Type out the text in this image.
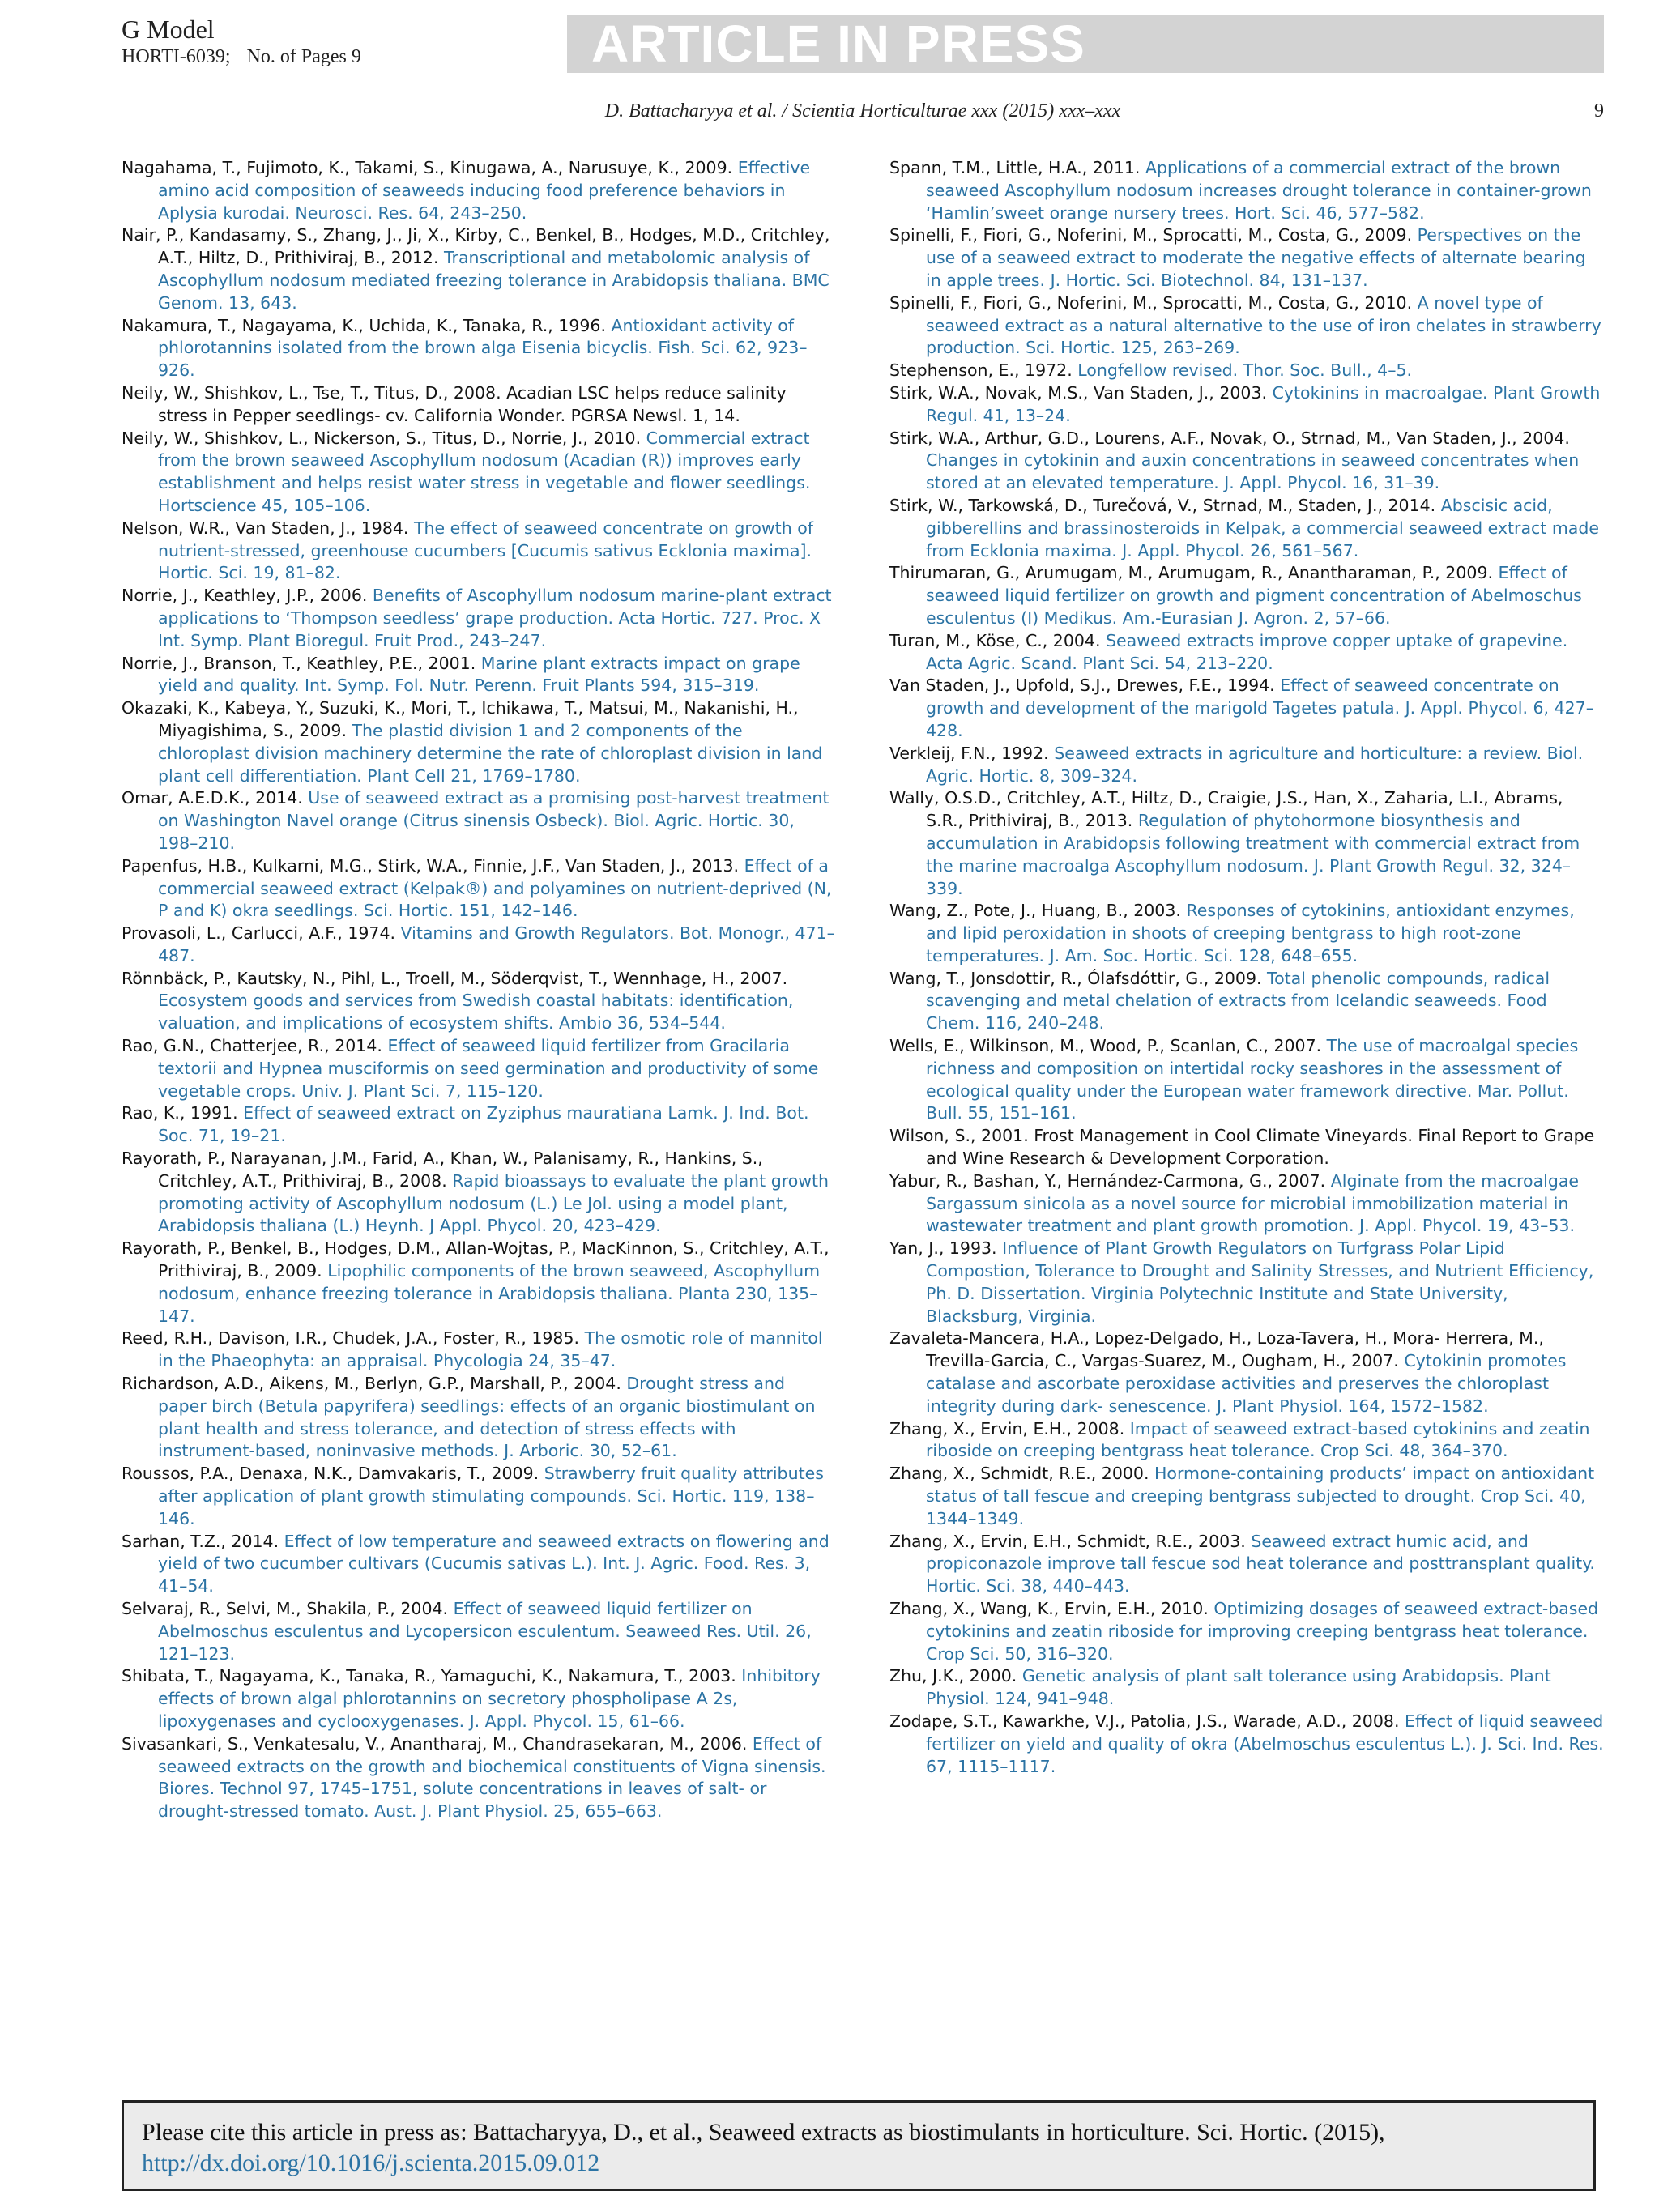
G Model
HORTI-6039; No. of Pages 9	ARTICLE IN PRESS
D. Battacharyya et al. / Scientia Horticulturae xxx (2015) xxx–xxx	9

Nagahama, T., Fujimoto, K., Takami, S., Kinugawa, A., Narusuye, K., 2009. Effective amino acid composition of seaweeds inducing food preference behaviors in Aplysia kurodai. Neurosci. Res. 64, 243–250.

Nair, P., Kandasamy, S., Zhang, J., Ji, X., Kirby, C., Benkel, B., Hodges, M.D., Critchley, A.T., Hiltz, D., Prithiviraj, B., 2012. Transcriptional and metabolomic analysis of Ascophyllum nodosum mediated freezing tolerance in Arabidopsis thaliana. BMC Genom. 13, 643.

Nakamura, T., Nagayama, K., Uchida, K., Tanaka, R., 1996. Antioxidant activity of phlorotannins isolated from the brown alga Eisenia bicyclis. Fish. Sci. 62, 923–926.

Neily, W., Shishkov, L., Tse, T., Titus, D., 2008. Acadian LSC helps reduce salinity stress in Pepper seedlings- cv. California Wonder. PGRSA Newsl. 1, 14.

Neily, W., Shishkov, L., Nickerson, S., Titus, D., Norrie, J., 2010. Commercial extract from the brown seaweed Ascophyllum nodosum (Acadian (R)) improves early establishment and helps resist water stress in vegetable and flower seedlings. Hortscience 45, 105–106.

Nelson, W.R., Van Staden, J., 1984. The effect of seaweed concentrate on growth of nutrient-stressed, greenhouse cucumbers [Cucumis sativus Ecklonia maxima]. Hortic. Sci. 19, 81–82.

Norrie, J., Keathley, J.P., 2006. Benefits of Ascophyllum nodosum marine-plant extract applications to ‘Thompson seedless’ grape production. Acta Hortic. 727. Proc. X Int. Symp. Plant Bioregul. Fruit Prod., 243–247.

Norrie, J., Branson, T., Keathley, P.E., 2001. Marine plant extracts impact on grape yield and quality. Int. Symp. Fol. Nutr. Perenn. Fruit Plants 594, 315–319.

Okazaki, K., Kabeya, Y., Suzuki, K., Mori, T., Ichikawa, T., Matsui, M., Nakanishi, H., Miyagishima, S., 2009. The plastid division 1 and 2 components of the chloroplast division machinery determine the rate of chloroplast division in land plant cell differentiation. Plant Cell 21, 1769–1780.

Omar, A.E.D.K., 2014. Use of seaweed extract as a promising post-harvest treatment on Washington Navel orange (Citrus sinensis Osbeck). Biol. Agric. Hortic. 30, 198–210.

Papenfus, H.B., Kulkarni, M.G., Stirk, W.A., Finnie, J.F., Van Staden, J., 2013. Effect of a commercial seaweed extract (Kelpak®) and polyamines on nutrient-deprived (N, P and K) okra seedlings. Sci. Hortic. 151, 142–146.

Provasoli, L., Carlucci, A.F., 1974. Vitamins and Growth Regulators. Bot. Monogr., 471–487.

Rönnbäck, P., Kautsky, N., Pihl, L., Troell, M., Söderqvist, T., Wennhage, H., 2007. Ecosystem goods and services from Swedish coastal habitats: identification, valuation, and implications of ecosystem shifts. Ambio 36, 534–544.

Rao, G.N., Chatterjee, R., 2014. Effect of seaweed liquid fertilizer from Gracilaria textorii and Hypnea musciformis on seed germination and productivity of some vegetable crops. Univ. J. Plant Sci. 7, 115–120.

Rao, K., 1991. Effect of seaweed extract on Zyziphus mauratiana Lamk. J. Ind. Bot. Soc. 71, 19–21.

Rayorath, P., Narayanan, J.M., Farid, A., Khan, W., Palanisamy, R., Hankins, S., Critchley, A.T., Prithiviraj, B., 2008. Rapid bioassays to evaluate the plant growth promoting activity of Ascophyllum nodosum (L.) Le Jol. using a model plant, Arabidopsis thaliana (L.) Heynh. J Appl. Phycol. 20, 423–429.

Rayorath, P., Benkel, B., Hodges, D.M., Allan-Wojtas, P., MacKinnon, S., Critchley, A.T., Prithiviraj, B., 2009. Lipophilic components of the brown seaweed, Ascophyllum nodosum, enhance freezing tolerance in Arabidopsis thaliana. Planta 230, 135–147.

Reed, R.H., Davison, I.R., Chudek, J.A., Foster, R., 1985. The osmotic role of mannitol in the Phaeophyta: an appraisal. Phycologia 24, 35–47.

Richardson, A.D., Aikens, M., Berlyn, G.P., Marshall, P., 2004. Drought stress and paper birch (Betula papyrifera) seedlings: effects of an organic biostimulant on plant health and stress tolerance, and detection of stress effects with instrument-based, noninvasive methods. J. Arboric. 30, 52–61.

Roussos, P.A., Denaxa, N.K., Damvakaris, T., 2009. Strawberry fruit quality attributes after application of plant growth stimulating compounds. Sci. Hortic. 119, 138–146.

Sarhan, T.Z., 2014. Effect of low temperature and seaweed extracts on flowering and yield of two cucumber cultivars (Cucumis sativas L.). Int. J. Agric. Food. Res. 3, 41–54.

Selvaraj, R., Selvi, M., Shakila, P., 2004. Effect of seaweed liquid fertilizer on Abelmoschus esculentus and Lycopersicon esculentum. Seaweed Res. Util. 26, 121–123.

Shibata, T., Nagayama, K., Tanaka, R., Yamaguchi, K., Nakamura, T., 2003. Inhibitory effects of brown algal phlorotannins on secretory phospholipase A 2s, lipoxygenases and cyclooxygenases. J. Appl. Phycol. 15, 61–66.

Sivasankari, S., Venkatesalu, V., Anantharaj, M., Chandrasekaran, M., 2006. Effect of seaweed extracts on the growth and biochemical constituents of Vigna sinensis. Biores. Technol 97, 1745–1751, solute concentrations in leaves of salt- or drought-stressed tomato. Aust. J. Plant Physiol. 25, 655–663.

Spann, T.M., Little, H.A., 2011. Applications of a commercial extract of the brown seaweed Ascophyllum nodosum increases drought tolerance in container-grown ‘Hamlin’sweet orange nursery trees. Hort. Sci. 46, 577–582.

Spinelli, F., Fiori, G., Noferini, M., Sprocatti, M., Costa, G., 2009. Perspectives on the use of a seaweed extract to moderate the negative effects of alternate bearing in apple trees. J. Hortic. Sci. Biotechnol. 84, 131–137.

Spinelli, F., Fiori, G., Noferini, M., Sprocatti, M., Costa, G., 2010. A novel type of seaweed extract as a natural alternative to the use of iron chelates in strawberry production. Sci. Hortic. 125, 263–269.

Stephenson, E., 1972. Longfellow revised. Thor. Soc. Bull., 4–5.

Stirk, W.A., Novak, M.S., Van Staden, J., 2003. Cytokinins in macroalgae. Plant Growth Regul. 41, 13–24.

Stirk, W.A., Arthur, G.D., Lourens, A.F., Novak, O., Strnad, M., Van Staden, J., 2004. Changes in cytokinin and auxin concentrations in seaweed concentrates when stored at an elevated temperature. J. Appl. Phycol. 16, 31–39.

Stirk, W., Tarkowská, D., Turečová, V., Strnad, M., Staden, J., 2014. Abscisic acid, gibberellins and brassinosteroids in Kelpak, a commercial seaweed extract made from Ecklonia maxima. J. Appl. Phycol. 26, 561–567.

Thirumaran, G., Arumugam, M., Arumugam, R., Anantharaman, P., 2009. Effect of seaweed liquid fertilizer on growth and pigment concentration of Abelmoschus esculentus (I) Medikus. Am.-Eurasian J. Agron. 2, 57–66.

Turan, M., Köse, C., 2004. Seaweed extracts improve copper uptake of grapevine. Acta Agric. Scand. Plant Sci. 54, 213–220.

Van Staden, J., Upfold, S.J., Drewes, F.E., 1994. Effect of seaweed concentrate on growth and development of the marigold Tagetes patula. J. Appl. Phycol. 6, 427–428.

Verkleij, F.N., 1992. Seaweed extracts in agriculture and horticulture: a review. Biol. Agric. Hortic. 8, 309–324.

Wally, O.S.D., Critchley, A.T., Hiltz, D., Craigie, J.S., Han, X., Zaharia, L.I., Abrams, S.R., Prithiviraj, B., 2013. Regulation of phytohormone biosynthesis and accumulation in Arabidopsis following treatment with commercial extract from the marine macroalga Ascophyllum nodosum. J. Plant Growth Regul. 32, 324–339.

Wang, Z., Pote, J., Huang, B., 2003. Responses of cytokinins, antioxidant enzymes, and lipid peroxidation in shoots of creeping bentgrass to high root-zone temperatures. J. Am. Soc. Hortic. Sci. 128, 648–655.

Wang, T., Jonsdottir, R., Ólafsdóttir, G., 2009. Total phenolic compounds, radical scavenging and metal chelation of extracts from Icelandic seaweeds. Food Chem. 116, 240–248.

Wells, E., Wilkinson, M., Wood, P., Scanlan, C., 2007. The use of macroalgal species richness and composition on intertidal rocky seashores in the assessment of ecological quality under the European water framework directive. Mar. Pollut. Bull. 55, 151–161.

Wilson, S., 2001. Frost Management in Cool Climate Vineyards. Final Report to Grape and Wine Research & Development Corporation.

Yabur, R., Bashan, Y., Hernández-Carmona, G., 2007. Alginate from the macroalgae Sargassum sinicola as a novel source for microbial immobilization material in wastewater treatment and plant growth promotion. J. Appl. Phycol. 19, 43–53.

Yan, J., 1993. Influence of Plant Growth Regulators on Turfgrass Polar Lipid Compostion, Tolerance to Drought and Salinity Stresses, and Nutrient Efficiency, Ph. D. Dissertation. Virginia Polytechnic Institute and State University, Blacksburg, Virginia.

Zavaleta-Mancera, H.A., Lopez-Delgado, H., Loza-Tavera, H., Mora- Herrera, M., Trevilla-Garcia, C., Vargas-Suarez, M., Ougham, H., 2007. Cytokinin promotes catalase and ascorbate peroxidase activities and preserves the chloroplast integrity during dark- senescence. J. Plant Physiol. 164, 1572–1582.

Zhang, X., Ervin, E.H., 2008. Impact of seaweed extract-based cytokinins and zeatin riboside on creeping bentgrass heat tolerance. Crop Sci. 48, 364–370.

Zhang, X., Schmidt, R.E., 2000. Hormone-containing products’ impact on antioxidant status of tall fescue and creeping bentgrass subjected to drought. Crop Sci. 40, 1344–1349.

Zhang, X., Ervin, E.H., Schmidt, R.E., 2003. Seaweed extract humic acid, and propiconazole improve tall fescue sod heat tolerance and posttransplant quality. Hortic. Sci. 38, 440–443.

Zhang, X., Wang, K., Ervin, E.H., 2010. Optimizing dosages of seaweed extract-based cytokinins and zeatin riboside for improving creeping bentgrass heat tolerance. Crop Sci. 50, 316–320.

Zhu, J.K., 2000. Genetic analysis of plant salt tolerance using Arabidopsis. Plant Physiol. 124, 941–948.

Zodape, S.T., Kawarkhe, V.J., Patolia, J.S., Warade, A.D., 2008. Effect of liquid seaweed fertilizer on yield and quality of okra (Abelmoschus esculentus L.). J. Sci. Ind. Res. 67, 1115–1117.

Please cite this article in press as: Battacharyya, D., et al., Seaweed extracts as biostimulants in horticulture. Sci. Hortic. (2015),
http://dx.doi.org/10.1016/j.scienta.2015.09.012
